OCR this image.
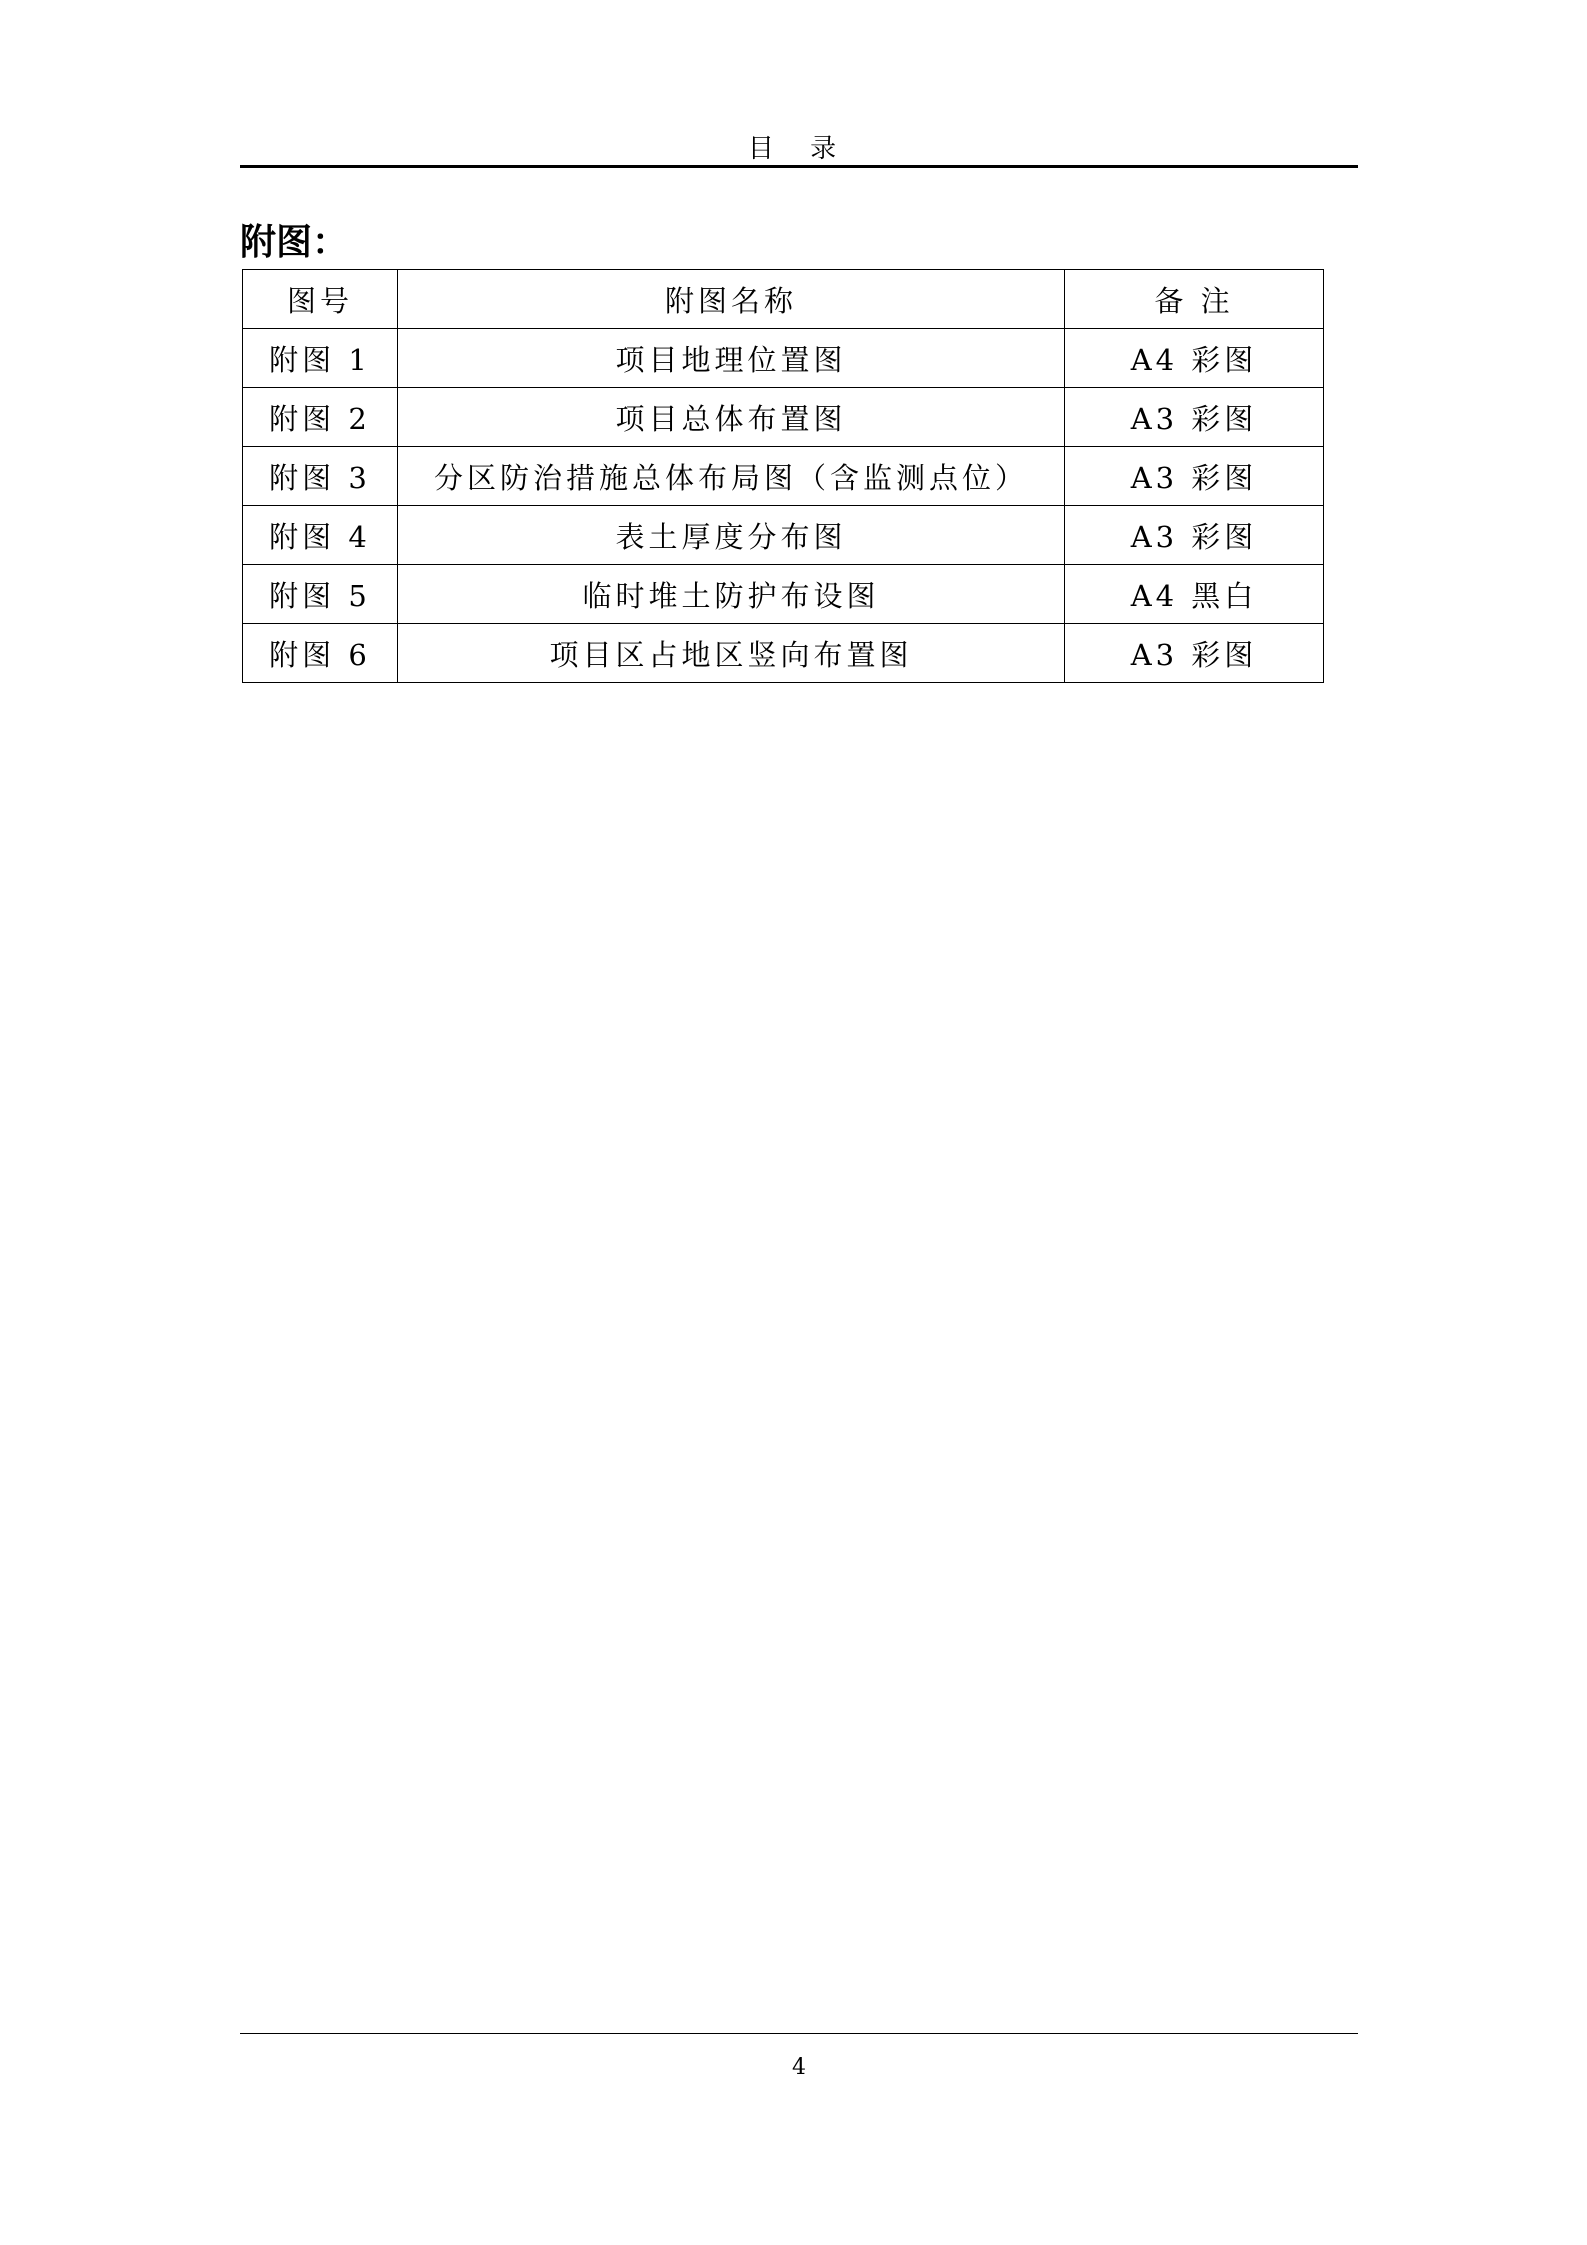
目 录
附图：
图号	附图名称	备 注
附图 1	项目地理位置图	A4 彩图
附图 2	项目总体布置图	A3 彩图
附图 3	分区防治措施总体布局图（含监测点位）	A3 彩图
附图 4	表土厚度分布图	A3 彩图
附图 5	临时堆土防护布设图	A4 黑白
附图 6	项目区占地区竖向布置图	A3 彩图
4
